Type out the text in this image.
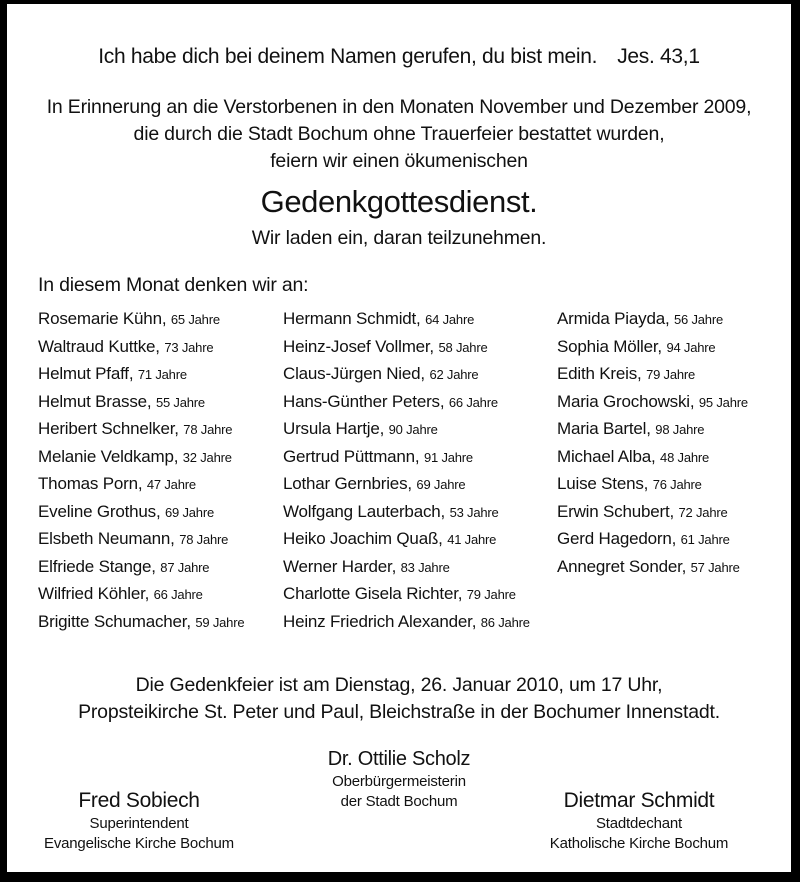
Ich habe dich bei deinem Namen gerufen, du bist mein. Jes. 43,1
In Erinnerung an die Verstorbenen in den Monaten November und Dezember 2009,
die durch die Stadt Bochum ohne Trauerfeier bestattet wurden,
feiern wir einen ökumenischen
Gedenkgottesdienst.
Wir laden ein, daran teilzunehmen.
In diesem Monat denken wir an:
Rosemarie Kühn, 65 Jahre
Waltraud Kuttke, 73 Jahre
Helmut Pfaff, 71 Jahre
Helmut Brasse, 55 Jahre
Heribert Schnelker, 78 Jahre
Melanie Veldkamp, 32 Jahre
Thomas Porn, 47 Jahre
Eveline Grothus, 69 Jahre
Elsbeth Neumann, 78 Jahre
Elfriede Stange, 87 Jahre
Wilfried Köhler, 66 Jahre
Brigitte Schumacher, 59 Jahre
Hermann Schmidt, 64 Jahre
Heinz-Josef Vollmer, 58 Jahre
Claus-Jürgen Nied, 62 Jahre
Hans-Günther Peters, 66 Jahre
Ursula Hartje, 90 Jahre
Gertrud Püttmann, 91 Jahre
Lothar Gernbries, 69 Jahre
Wolfgang Lauterbach, 53 Jahre
Heiko Joachim Quaß, 41 Jahre
Werner Harder, 83 Jahre
Charlotte Gisela Richter, 79 Jahre
Heinz Friedrich Alexander, 86 Jahre
Armida Piayda, 56 Jahre
Sophia Möller, 94 Jahre
Edith Kreis, 79 Jahre
Maria Grochowski, 95 Jahre
Maria Bartel, 98 Jahre
Michael Alba, 48 Jahre
Luise Stens, 76 Jahre
Erwin Schubert, 72 Jahre
Gerd Hagedorn, 61 Jahre
Annegret Sonder, 57 Jahre
Die Gedenkfeier ist am Dienstag, 26. Januar 2010, um 17 Uhr,
Propsteikirche St. Peter und Paul, Bleichstraße in der Bochumer Innenstadt.
Dr. Ottilie Scholz
Oberbürgermeisterin
der Stadt Bochum
Fred Sobiech
Superintendent
Evangelische Kirche Bochum
Dietmar Schmidt
Stadtdechant
Katholische Kirche Bochum
